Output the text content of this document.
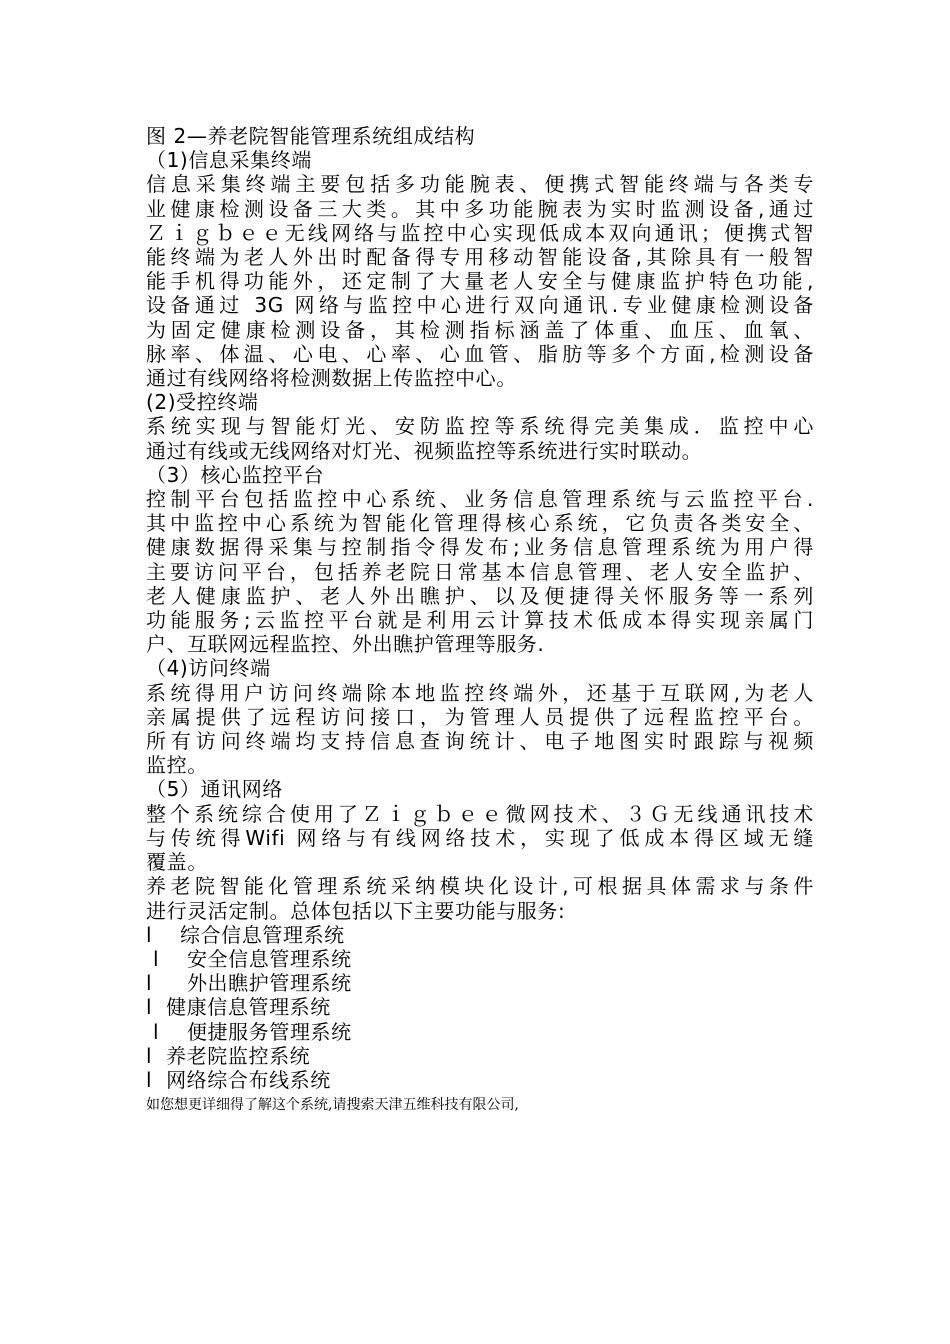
图 2—养老院智能管理系统组成结构
（1)信息采集终端
信息采集终端主要包括多功能腕表、便携式智能终端与各类专
业健康检测设备三大类。其中多功能腕表为实时监测设备,通过
Ｚｉｇｂｅｅ无线网络与监控中心实现低成本双向通讯；便携式智
能终端为老人外出时配备得专用移动智能设备,其除具有一般智
能手机得功能外，还定制了大量老人安全与健康监护特色功能,
设备通过 3G 网络与监控中心进行双向通讯.专业健康检测设备
为固定健康检测设备，其检测指标涵盖了体重、血压、血氧、
脉率、体温、心电、心率、心血管、脂肪等多个方面,检测设备
通过有线网络将检测数据上传监控中心。
(2)受控终端
系统实现与智能灯光、安防监控等系统得完美集成．监控中心
通过有线或无线网络对灯光、视频监控等系统进行实时联动。
（3）核心监控平台
控制平台包括监控中心系统、业务信息管理系统与云监控平台.
其中监控中心系统为智能化管理得核心系统，它负责各类安全、
健康数据得采集与控制指令得发布;业务信息管理系统为用户得
主要访问平台，包括养老院日常基本信息管理、老人安全监护、
老人健康监护、老人外出瞧护、以及便捷得关怀服务等一系列
功能服务;云监控平台就是利用云计算技术低成本得实现亲属门
户、互联网远程监控、外出瞧护管理等服务.
（4)访问终端
系统得用户访问终端除本地监控终端外，还基于互联网,为老人
亲属提供了远程访问接口，为管理人员提供了远程监控平台。
所有访问终端均支持信息查询统计、电子地图实时跟踪与视频
监控。
（5）通讯网络
整个系统综合使用了Ｚｉｇｂｅｅ微网技术、３Ｇ无线通讯技术
与传统得Wifi 网络与有线网络技术，实现了低成本得区域无缝
覆盖。
养老院智能化管理系统采纳模块化设计,可根据具体需求与条件
进行灵活定制。总体包括以下主要功能与服务:
l    综合信息管理系统
l    安全信息管理系统
l     外出瞧护管理系统
l  健康信息管理系统
l    便捷服务管理系统
l  养老院监控系统
l  网络综合布线系统
如您想更详细得了解这个系统,请搜索天津五维科技有限公司,
